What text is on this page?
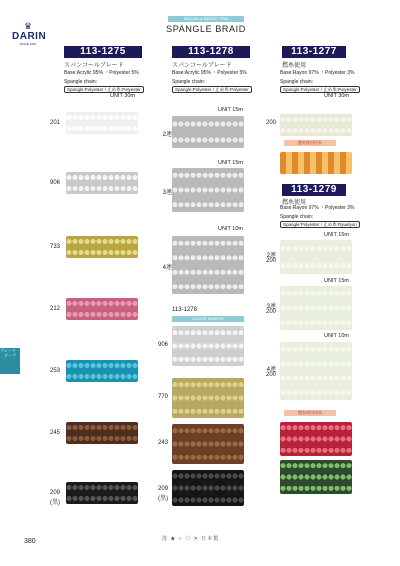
♛
DARIN
SINCE 1951
SEQUIN & BEADS TRIM
SPANGLE BRAID
113-1275
スパンコールブレード
Base:Acrylic 95% ・Polyester 5%
Spangle chain: Spangle:Polyester / 止め糸:Polyester
UNIT 30m
201
906
733
212
253
245
209
(黒)
113-1278
スパンコールブレード
Base:Acrylic 95% ・Polyester 5%
Spangle chain: Spangle:Polyester / 止め糸:Polyester
UNIT 15m
UNIT 15m
UNIT 10m
2連
3連
4連
113-1278
COLOR SAMPLE
906
770
243
209
(黒)
113-1277
撚糸使用
Base:Rayon 97% ・Polyester 3%
Spangle chain: Spangle:Polyester / 止め糸:Polyester
UNIT 30m
200
撚糸使用用具
113-1279
撚糸使用
Base:Rayon 97% ・Polyester 3%
Spangle chain: Spangle:Polyester / 止め糸:Ryuelyon
UNIT 15m
UNIT 15m
UNIT 10m
2連
200
3連
200
4連
200
撚糸使用用具
ブレード・テープ
洗 ★ ○ ◇ ✕ 日本製
380
